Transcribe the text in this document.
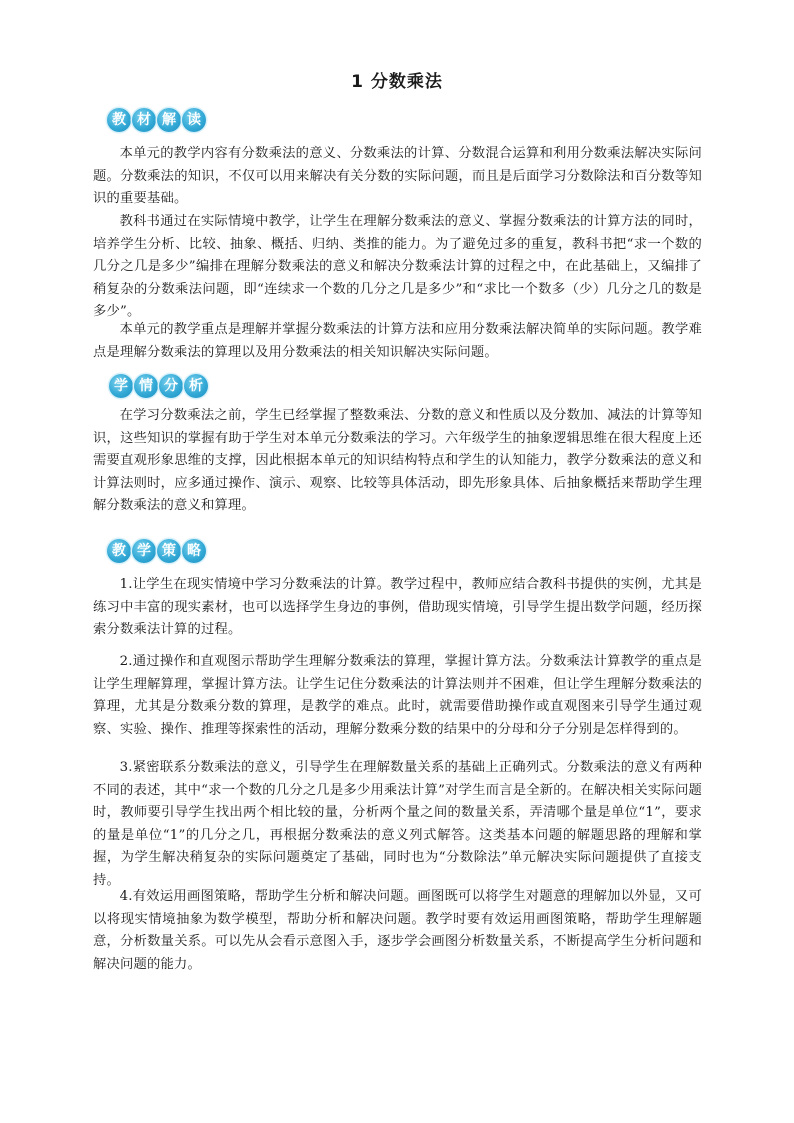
1 分数乘法
教 材 解 读

本单元的教学内容有分数乘法的意义、分数乘法的计算、分数混合运算和利用分数乘法解决实际问题。分数乘法的知识，不仅可以用来解决有关分数的实际问题，而且是后面学习分数除法和百分数等知识的重要基础。

教科书通过在实际情境中教学，让学生在理解分数乘法的意义、掌握分数乘法的计算方法的同时，培养学生分析、比较、抽象、概括、归纳、类推的能力。为了避免过多的重复，教科书把“求一个数的几分之几是多少”编排在理解分数乘法的意义和解决分数乘法计算的过程之中，在此基础上，又编排了稍复杂的分数乘法问题，即“连续求一个数的几分之几是多少”和“求比一个数多（少）几分之几的数是多少”。

本单元的教学重点是理解并掌握分数乘法的计算方法和应用分数乘法解决简单的实际问题。教学难点是理解分数乘法的算理以及用分数乘法的相关知识解决实际问题。

学 情 分 析

在学习分数乘法之前，学生已经掌握了整数乘法、分数的意义和性质以及分数加、减法的计算等知识，这些知识的掌握有助于学生对本单元分数乘法的学习。六年级学生的抽象逻辑思维在很大程度上还需要直观形象思维的支撑，因此根据本单元的知识结构特点和学生的认知能力，教学分数乘法的意义和计算法则时，应多通过操作、演示、观察、比较等具体活动，即先形象具体、后抽象概括来帮助学生理解分数乘法的意义和算理。

教 学 策 略

1.让学生在现实情境中学习分数乘法的计算。教学过程中，教师应结合教科书提供的实例，尤其是练习中丰富的现实素材，也可以选择学生身边的事例，借助现实情境，引导学生提出数学问题，经历探索分数乘法计算的过程。

2.通过操作和直观图示帮助学生理解分数乘法的算理，掌握计算方法。分数乘法计算教学的重点是让学生理解算理，掌握计算方法。让学生记住分数乘法的计算法则并不困难，但让学生理解分数乘法的算理，尤其是分数乘分数的算理，是教学的难点。此时，就需要借助操作或直观图来引导学生通过观察、实验、操作、推理等探索性的活动，理解分数乘分数的结果中的分母和分子分别是怎样得到的。

3.紧密联系分数乘法的意义，引导学生在理解数量关系的基础上正确列式。分数乘法的意义有两种不同的表述，其中“求一个数的几分之几是多少用乘法计算”对学生而言是全新的。在解决相关实际问题时，教师要引导学生找出两个相比较的量，分析两个量之间的数量关系，弄清哪个量是单位“1”，要求的量是单位“1”的几分之几，再根据分数乘法的意义列式解答。这类基本问题的解题思路的理解和掌握，为学生解决稍复杂的实际问题奠定了基础，同时也为“分数除法”单元解决实际问题提供了直接支持。

4.有效运用画图策略，帮助学生分析和解决问题。画图既可以将学生对题意的理解加以外显，又可以将现实情境抽象为数学模型，帮助分析和解决问题。教学时要有效运用画图策略，帮助学生理解题意，分析数量关系。可以先从会看示意图入手，逐步学会画图分析数量关系，不断提高学生分析问题和解决问题的能力。
